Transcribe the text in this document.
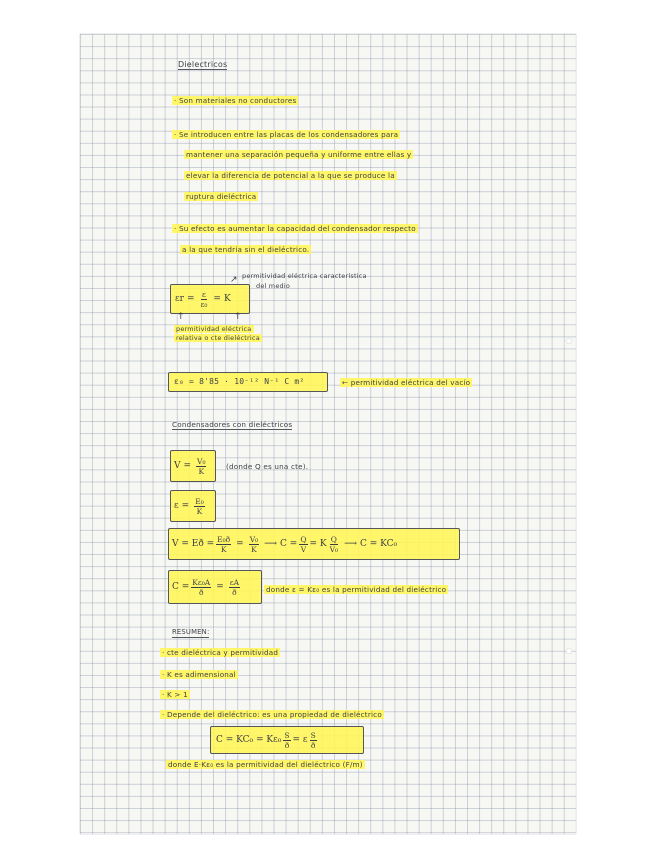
Dielectricos
· Son materiales no conductores
· Se introducen entre las placas de los condensadores para
mantener una separación pequeña y uniforme entre ellas y
elevar la diferencia de potencial a la que se produce la
ruptura dieléctrica
· Su efecto es aumentar la capacidad del condensador respecto
a la que tendría sin el dieléctrico.
$\varepsilon r = \frac{\varepsilon}{\text{ε₀}} = K$
↗ permitividad eléctrica característica
del medio
↑	↑
permitividad eléctrica
relativa o cte dieléctrica
ε₀ = 8'85 · 10⁻¹² N⁻¹ C m²	← permitividad eléctrica del vacío
Condensadores con dieléctricos
$V = \frac{\text{V₀}}{K}$	(donde Q es una cte).
$\varepsilon = \frac{\text{E₀}}{K}$
V = Eð = $\frac{\text{E₀ð}}{K} = \frac{\text{V₀}}{K}$ ⟶ $C = \frac{Q}{V} = K \frac{Q}{\text{V₀}}$ ⟶ C = KC₀
$C = \frac{\text{Kε₀A}}{ð} = \frac{\varepsilon A}{ð}$	donde ε = Kε₀ es la permitividad del dieléctrico
RESUMEN:
· cte dieléctrica y permitividad
· K es adimensional
· K > 1
· Depende del dieléctrico: es una propiedad de dieléctrico
$C = KC_0 = K\varepsilon_0 \frac{S}{ð} = \varepsilon \frac{S}{ð}$
donde E·Kε₀ es la permitividad del dieléctrico (F/m)
